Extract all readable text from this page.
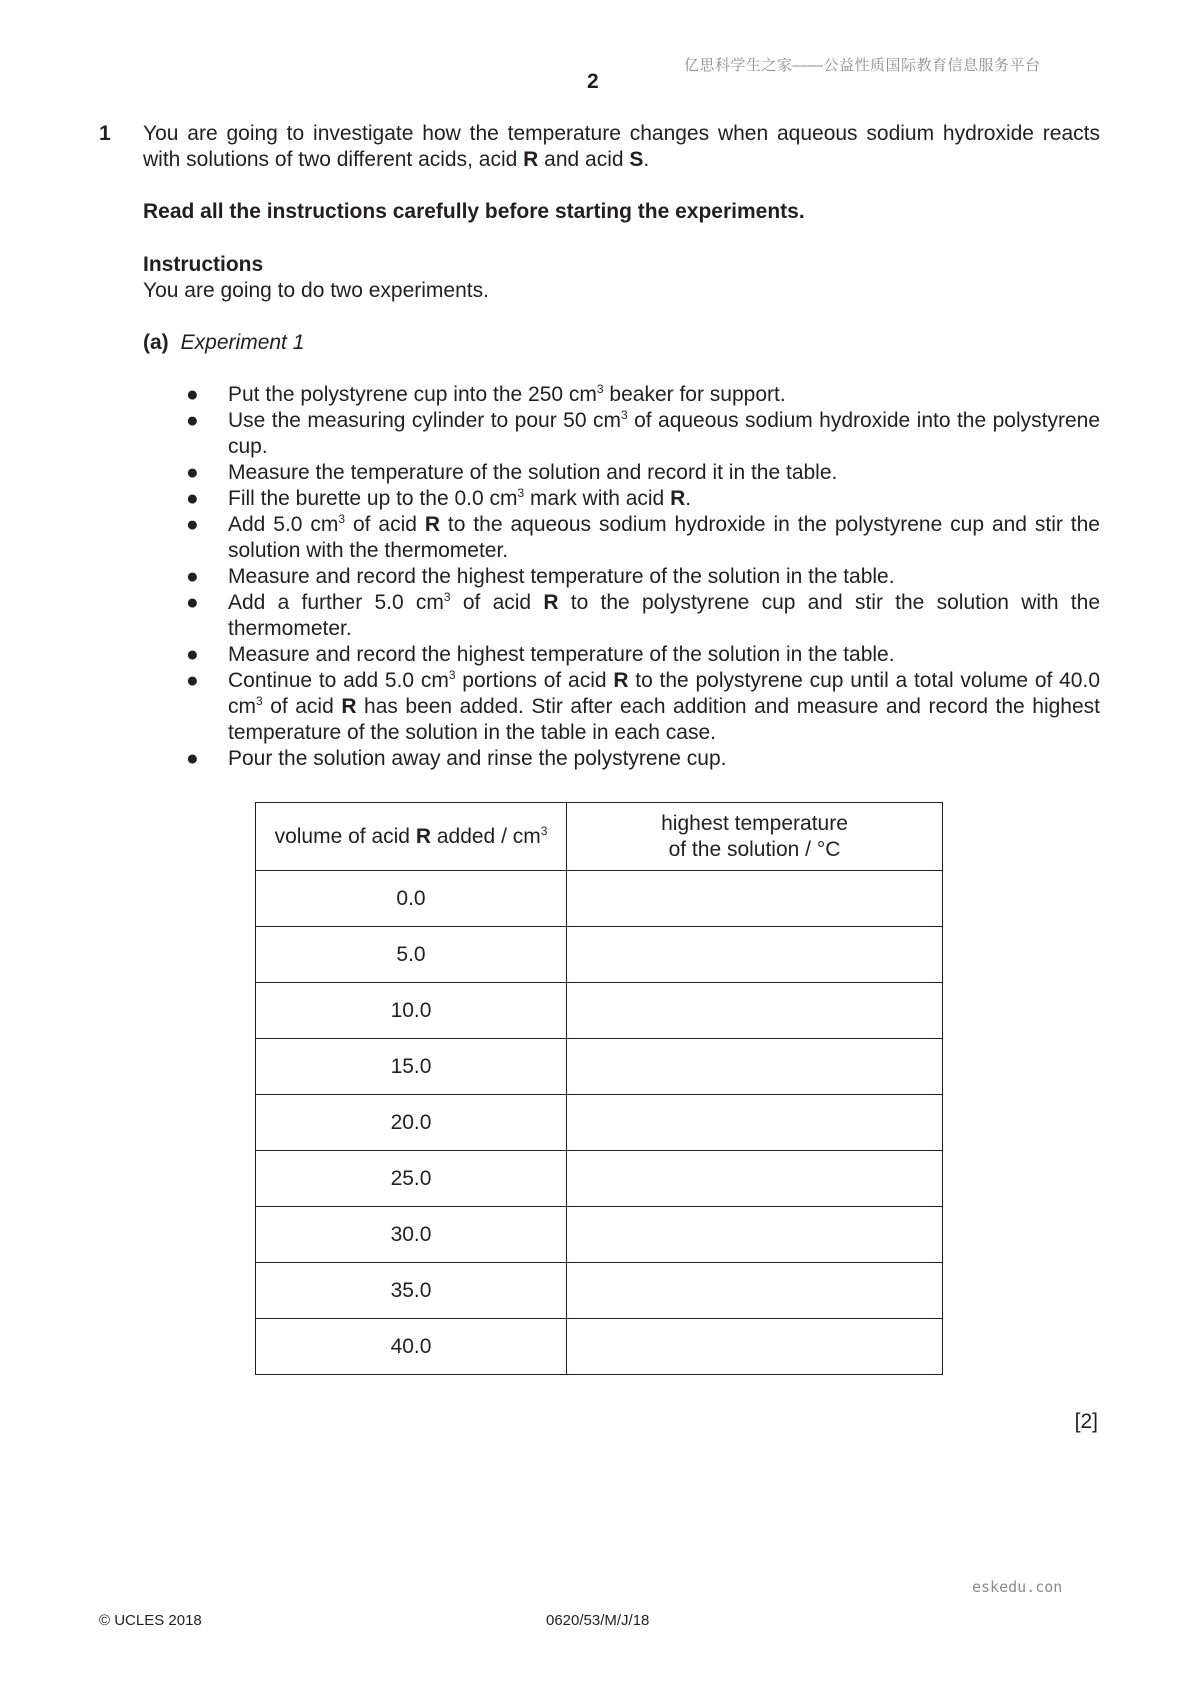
亿思科学生之家——公益性质国际教育信息服务平台
2
1 You are going to investigate how the temperature changes when aqueous sodium hydroxide reacts with solutions of two different acids, acid R and acid S.
Read all the instructions carefully before starting the experiments.
Instructions
You are going to do two experiments.
(a) Experiment 1
● Put the polystyrene cup into the 250 $cm^3$ beaker for support.
● Use the measuring cylinder to pour 50 $cm^3$ of aqueous sodium hydroxide into the polystyrene cup.
● Measure the temperature of the solution and record it in the table.
● Fill the burette up to the 0.0 $cm^3$ mark with acid R.
● Add 5.0 $cm^3$ of acid R to the aqueous sodium hydroxide in the polystyrene cup and stir the solution with the thermometer.
● Measure and record the highest temperature of the solution in the table.
● Add a further 5.0 $cm^3$ of acid R to the polystyrene cup and stir the solution with the thermometer.
● Measure and record the highest temperature of the solution in the table.
● Continue to add 5.0 $cm^3$ portions of acid R to the polystyrene cup until a total volume of 40.0 $cm^3$ of acid R has been added. Stir after each addition and measure and record the highest temperature of the solution in the table in each case.
● Pour the solution away and rinse the polystyrene cup.
volume of acid R added / $cm^3$	highest temperature
of the solution / °C
0.0	
5.0	
10.0	
15.0	
20.0	
25.0	
30.0	
35.0	
40.0	
[2]
eskedu.con
© UCLES 2018	0620/53/M/J/18
